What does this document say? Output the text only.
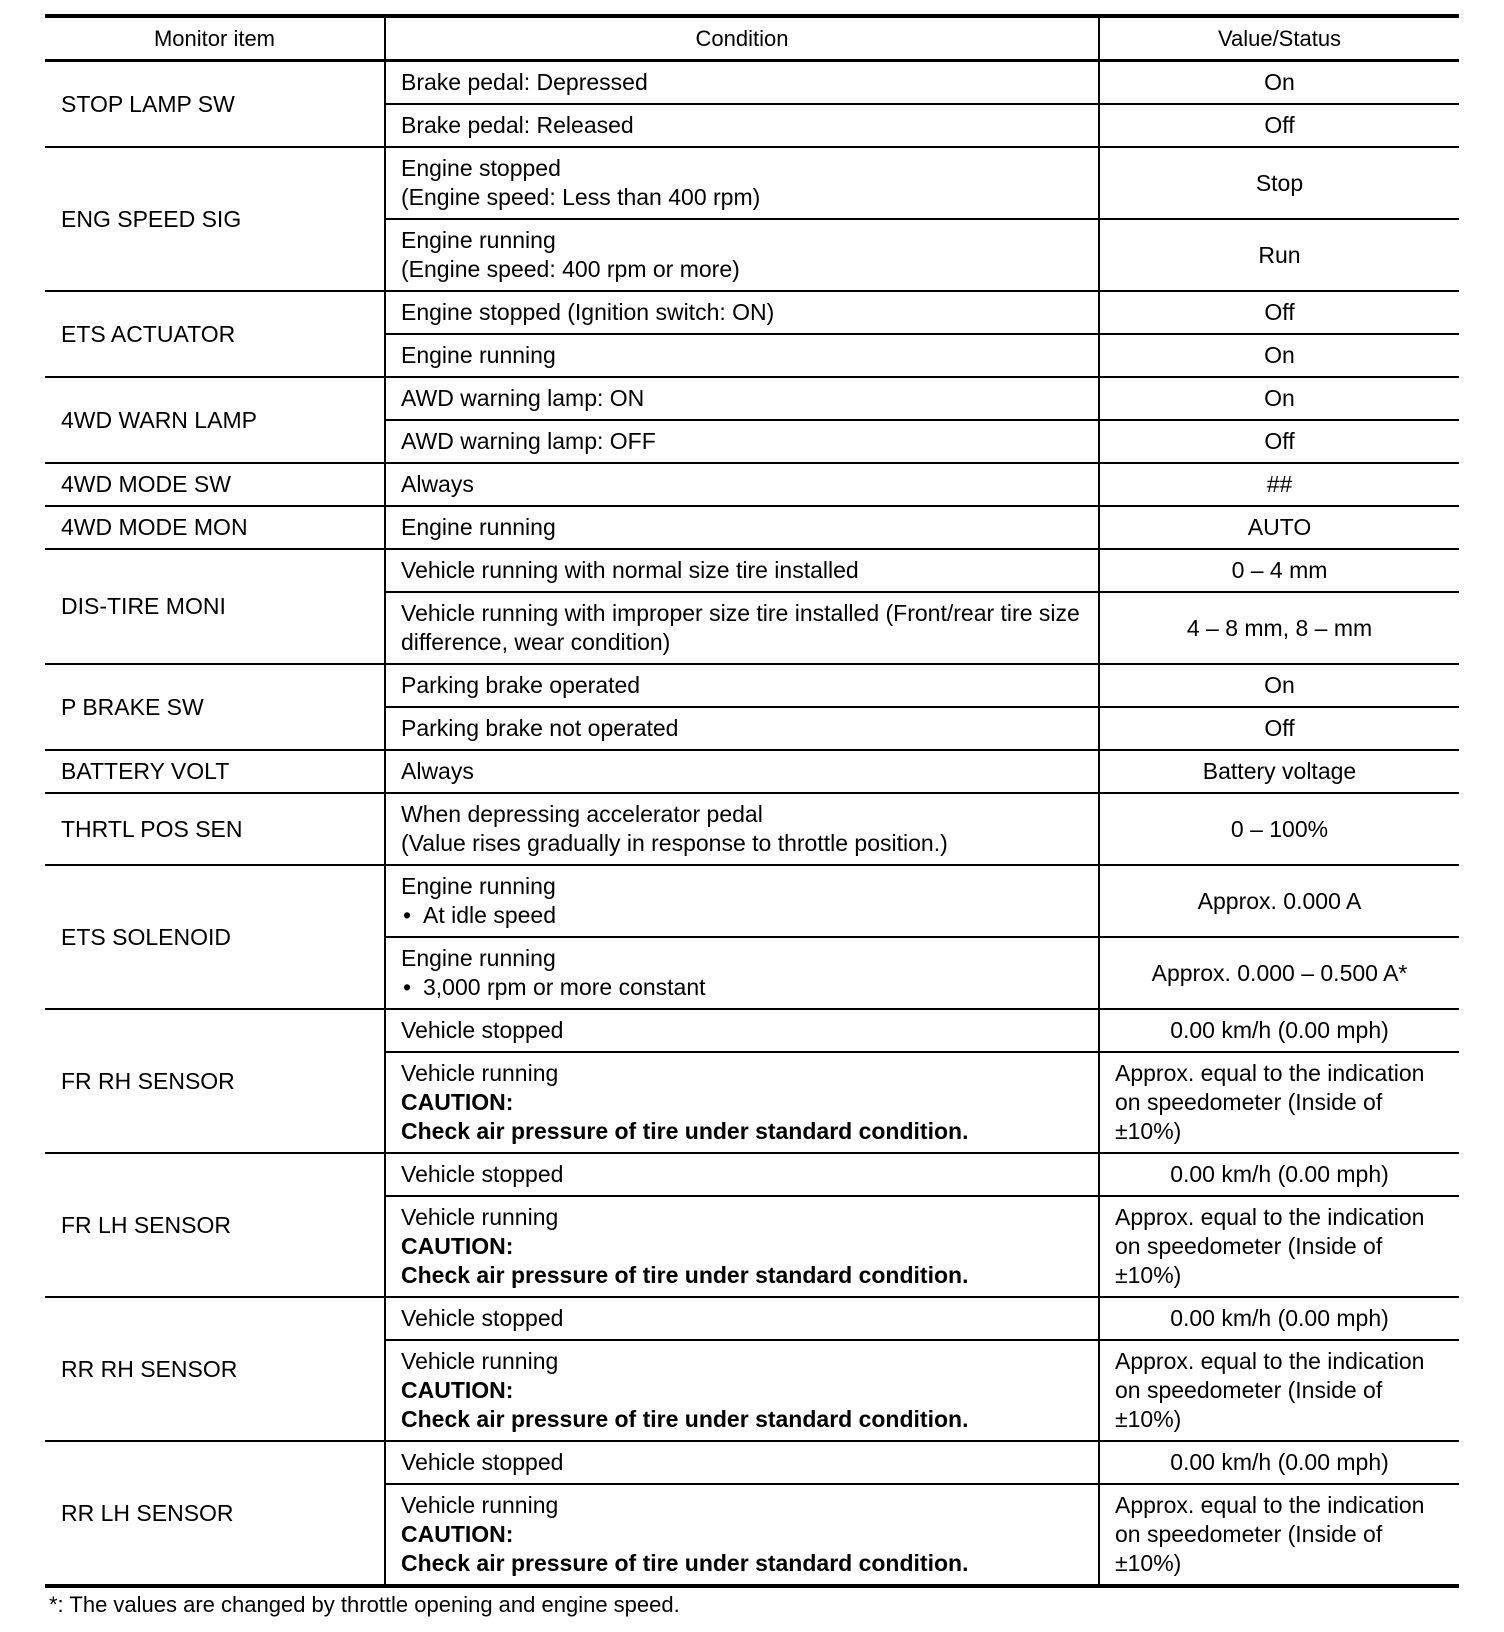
Monitor item	Condition	Value/Status
STOP LAMP SW	Brake pedal: Depressed	On

	Brake pedal: Released	Off

ENG SPEED SIG	Engine stopped
(Engine speed: Less than 400 rpm)	Stop

	Engine running
(Engine speed: 400 rpm or more)	Run

ETS ACTUATOR	Engine stopped (Ignition switch: ON)	Off

	Engine running	On

4WD WARN LAMP	AWD warning lamp: ON	On

	AWD warning lamp: OFF	Off

4WD MODE SW	Always	##

4WD MODE MON	Engine running	AUTO

DIS-TIRE MONI	Vehicle running with normal size tire installed	0 – 4 mm

	Vehicle running with improper size tire installed (Front/rear tire size difference, wear condition)	4 – 8 mm, 8 – mm

P BRAKE SW	Parking brake operated	On

	Parking brake not operated	Off

BATTERY VOLT	Always	Battery voltage

THRTL POS SEN	When depressing accelerator pedal
(Value rises gradually in response to throttle position.)	0 – 100%

ETS SOLENOID	Engine running
• At idle speed	Approx. 0.000 A

	Engine running
• 3,000 rpm or more constant	Approx. 0.000 – 0.500 A*

FR RH SENSOR	Vehicle stopped	0.00 km/h (0.00 mph)

	Vehicle running
CAUTION:
Check air pressure of tire under standard condition.	Approx. equal to the indication
on speedometer (Inside of
±10%)

FR LH SENSOR	Vehicle stopped	0.00 km/h (0.00 mph)

	Vehicle running
CAUTION:
Check air pressure of tire under standard condition.	Approx. equal to the indication
on speedometer (Inside of
±10%)

RR RH SENSOR	Vehicle stopped	0.00 km/h (0.00 mph)

	Vehicle running
CAUTION:
Check air pressure of tire under standard condition.	Approx. equal to the indication
on speedometer (Inside of
±10%)

RR LH SENSOR	Vehicle stopped	0.00 km/h (0.00 mph)

	Vehicle running
CAUTION:
Check air pressure of tire under standard condition.	Approx. equal to the indication
on speedometer (Inside of
±10%)
*: The values are changed by throttle opening and engine speed.
